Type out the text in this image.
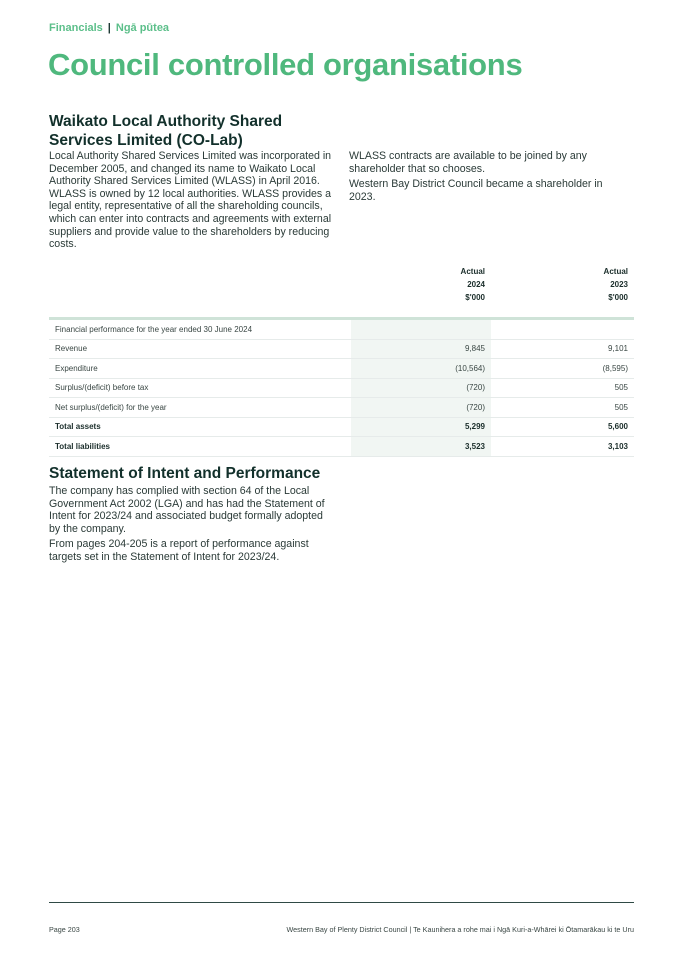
Financials | Ngā pūtea
Council controlled organisations
Waikato Local Authority Shared Services Limited (CO-Lab)

Local Authority Shared Services Limited was incorporated in December 2005, and changed its name to Waikato Local Authority Shared Services Limited (WLASS) in April 2016. WLASS is owned by 12 local authorities. WLASS provides a legal entity, representative of all the shareholding councils, which can enter into contracts and agreements with external suppliers and provide value to the shareholders by reducing costs.

WLASS contracts are available to be joined by any shareholder that so chooses.

Western Bay District Council became a shareholder in 2023.

	Actual	Actual
	2024	2023
	$'000	$'000

Financial performance for the year ended 30 June 2024		
Revenue	9,845	9,101
Expenditure	(10,564)	(8,595)
Surplus/(deficit) before tax	(720)	505
Net surplus/(deficit) for the year	(720)	505
Total assets	5,299	5,600
Total liabilities	3,523	3,103
Statement of Intent and Performance

The company has complied with section 64 of the Local Government Act 2002 (LGA) and has had the Statement of Intent for 2023/24 and associated budget formally adopted by the company.

From pages 204-205 is a report of performance against targets set in the Statement of Intent for 2023/24.

Page 203	Western Bay of Plenty District Council | Te Kaunihera a rohe mai i Ngā Kuri-a-Whārei ki Ōtamarākau ki te Uru
